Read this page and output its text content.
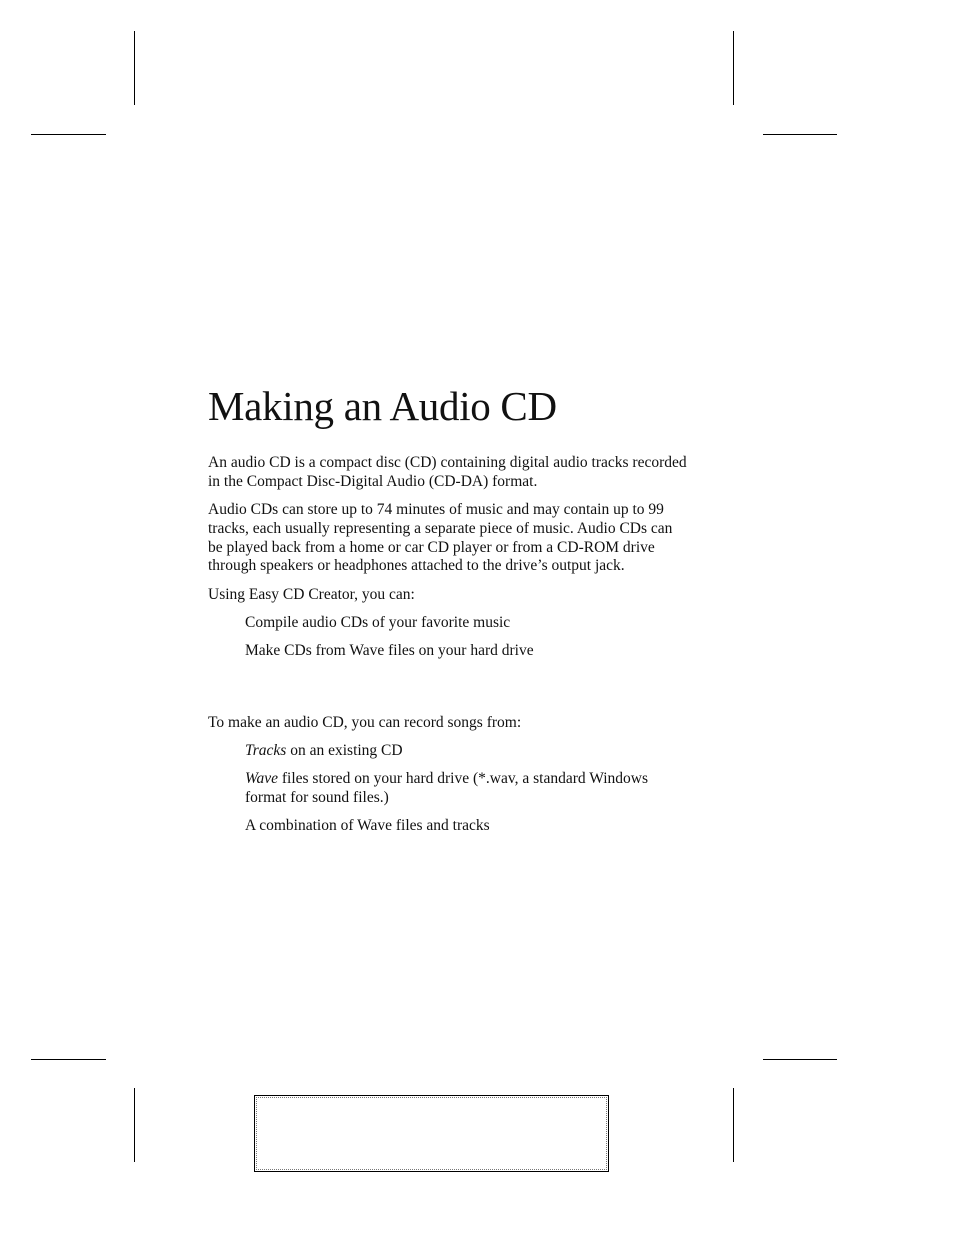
Making an Audio CD

An audio CD is a compact disc (CD) containing digital audio tracks recorded in the Compact Disc-Digital Audio (CD-DA) format.

Audio CDs can store up to 74 minutes of music and may contain up to 99 tracks, each usually representing a separate piece of music. Audio CDs can be played back from a home or car CD player or from a CD-ROM drive through speakers or headphones attached to the drive’s output jack.

Using Easy CD Creator, you can:

Compile audio CDs of your favorite music

Make CDs from Wave files on your hard drive

To make an audio CD, you can record songs from:

Tracks on an existing CD

Wave files stored on your hard drive (*.wav, a standard Windows format for sound files.)

A combination of Wave files and tracks
